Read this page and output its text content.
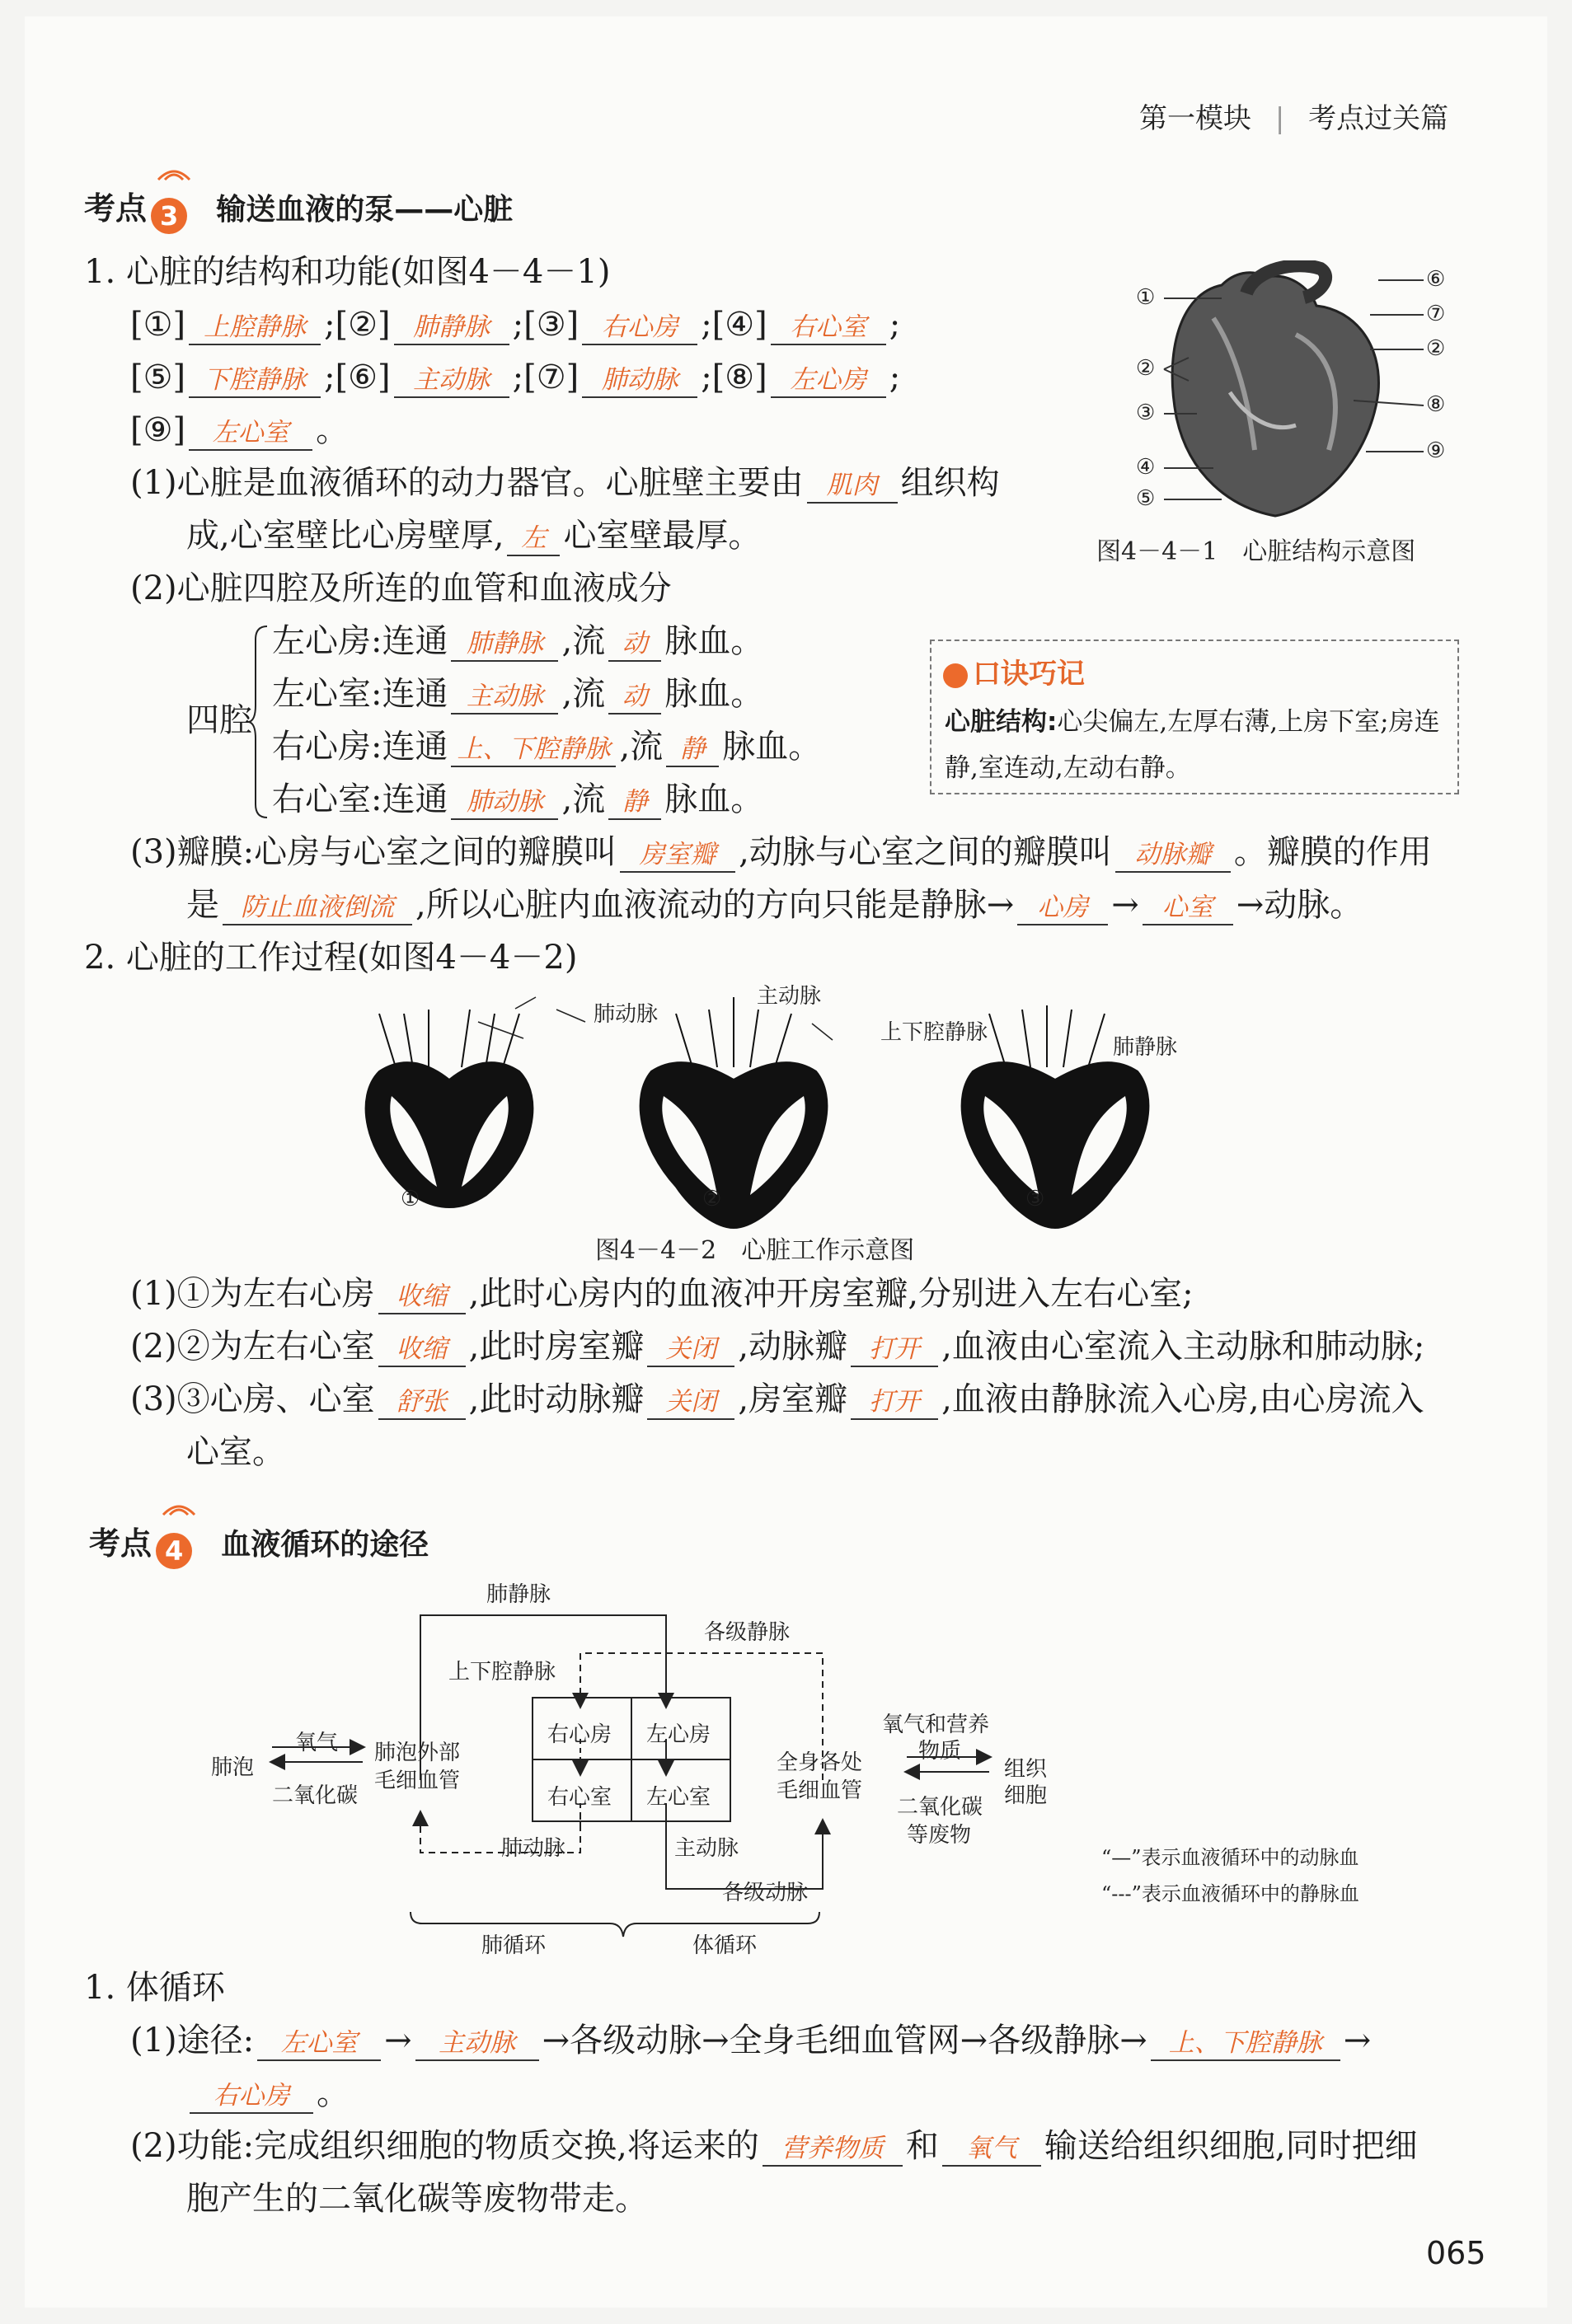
第一模块 | 考点过关篇
考点 3 输送血液的泵——心脏
1. 心脏的结构和功能(如图4－4－1)
[①] 上腔静脉 ;[②] 肺静脉 ;[③] 右心房 ;[④] 右心室 ;
[⑤] 下腔静脉 ;[⑥] 主动脉 ;[⑦] 肺动脉 ;[⑧] 左心房 ;
[⑨] 左心室 。
①
②
③
④
⑤
⑥
⑦
②
⑧
⑨
图4－4－1　心脏结构示意图
(1)心脏是血液循环的动力器官。心脏壁主要由 肌肉 组织构
成,心室壁比心房壁厚, 左 心室壁最厚。
(2)心脏四腔及所连的血管和血液成分
四腔
左心房:连通 肺静脉 ,流 动 脉血。
左心室:连通 主动脉 ,流 动 脉血。
右心房:连通 上、下腔静脉 ,流 静 脉血。
右心室:连通 肺动脉 ,流 静 脉血。
口诀巧记
心脏结构:心尖偏左,左厚右薄,上房下室;房连静,室连动,左动右静。
(3)瓣膜:心房与心室之间的瓣膜叫 房室瓣 ,动脉与心室之间的瓣膜叫 动脉瓣 。瓣膜的作用
是 防止血液倒流 ,所以心脏内血液流动的方向只能是静脉→ 心房 → 心室 →动脉。
2. 心脏的工作过程(如图4－4－2)
肺动脉
主动脉
上下腔静脉
肺静脉
①	②	③
图4－4－2　心脏工作示意图
(1)①为左右心房 收缩 ,此时心房内的血液冲开房室瓣,分别进入左右心室;
(2)②为左右心室 收缩 ,此时房室瓣 关闭 ,动脉瓣 打开 ,血液由心室流入主动脉和肺动脉;
(3)③心房、心室 舒张 ,此时动脉瓣 关闭 ,房室瓣 打开 ,血液由静脉流入心房,由心房流入
心室。
考点 4 血液循环的途径
肺静脉
各级静脉
上下腔静脉
右心房 左心房
右心室 左心室
肺泡
氧气
二氧化碳
肺泡外部
毛细血管
全身各处
毛细血管
氧气和营养
物质
组织
细胞
二氧化碳
等废物
肺动脉	主动脉
各级动脉
肺循环	体循环
“—”表示血液循环中的动脉血
“---”表示血液循环中的静脉血
1. 体循环
(1)途径: 左心室 → 主动脉 →各级动脉→全身毛细血管网→各级静脉→ 上、下腔静脉 →
右心房 。
(2)功能:完成组织细胞的物质交换,将运来的 营养物质 和 氧气 输送给组织细胞,同时把细
胞产生的二氧化碳等废物带走。
065
